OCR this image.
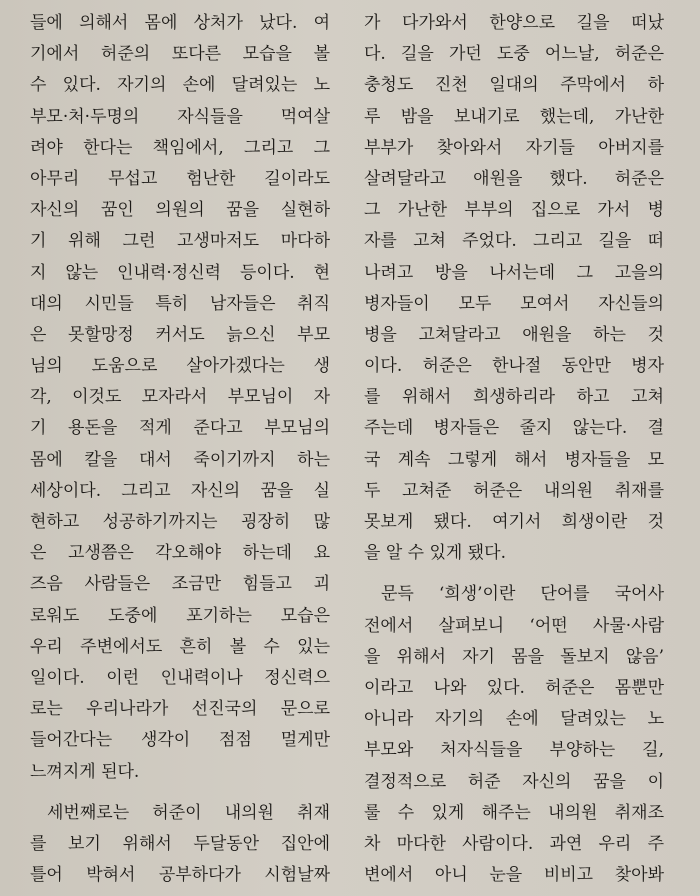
들에 의해서 몸에 상처가 났다. 여
기에서 허준의 또다른 모습을 볼
수 있다. 자기의 손에 달려있는 노
부모·처·두명의 자식들을 먹여살
려야 한다는 책임에서, 그리고 그
아무리 무섭고 험난한 길이라도
자신의 꿈인 의원의 꿈을 실현하
기 위해 그런 고생마저도 마다하
지 않는 인내력·정신력 등이다. 현
대의 시민들 특히 남자들은 취직
은 못할망정 커서도 늙으신 부모
님의 도움으로 살아가겠다는 생
각, 이것도 모자라서 부모님이 자
기 용돈을 적게 준다고 부모님의
몸에 칼을 대서 죽이기까지 하는
세상이다. 그리고 자신의 꿈을 실
현하고 성공하기까지는 굉장히 많
은 고생쯤은 각오해야 하는데 요
즈음 사람들은 조금만 힘들고 괴
로워도 도중에 포기하는 모습은
우리 주변에서도 흔히 볼 수 있는
일이다. 이런 인내력이나 정신력으
로는 우리나라가 선진국의 문으로
들어간다는 생각이 점점 멀게만
느껴지게 된다.
세번째로는 허준이 내의원 취재
를 보기 위해서 두달동안 집안에
틀어 박혀서 공부하다가 시험날짜
가 다가와서 한양으로 길을 떠났
다. 길을 가던 도중 어느날, 허준은
충청도 진천 일대의 주막에서 하
루 밤을 보내기로 했는데, 가난한
부부가 찾아와서 자기들 아버지를
살려달라고 애원을 했다. 허준은
그 가난한 부부의 집으로 가서 병
자를 고쳐 주었다. 그리고 길을 떠
나려고 방을 나서는데 그 고을의
병자들이 모두 모여서 자신들의
병을 고쳐달라고 애원을 하는 것
이다. 허준은 한나절 동안만 병자
를 위해서 희생하리라 하고 고쳐
주는데 병자들은 줄지 않는다. 결
국 계속 그렇게 해서 병자들을 모
두 고쳐준 허준은 내의원 취재를
못보게 됐다. 여기서 희생이란 것
을 알 수 있게 됐다.
문득 ‘희생’이란 단어를 국어사
전에서 살펴보니 ‘어떤 사물·사람
을 위해서 자기 몸을 돌보지 않음’
이라고 나와 있다. 허준은 몸뿐만
아니라 자기의 손에 달려있는 노
부모와 처자식들을 부양하는 길,
결정적으로 허준 자신의 꿈을 이
룰 수 있게 해주는 내의원 취재조
차 마다한 사람이다. 과연 우리 주
변에서 아니 눈을 비비고 찾아봐
